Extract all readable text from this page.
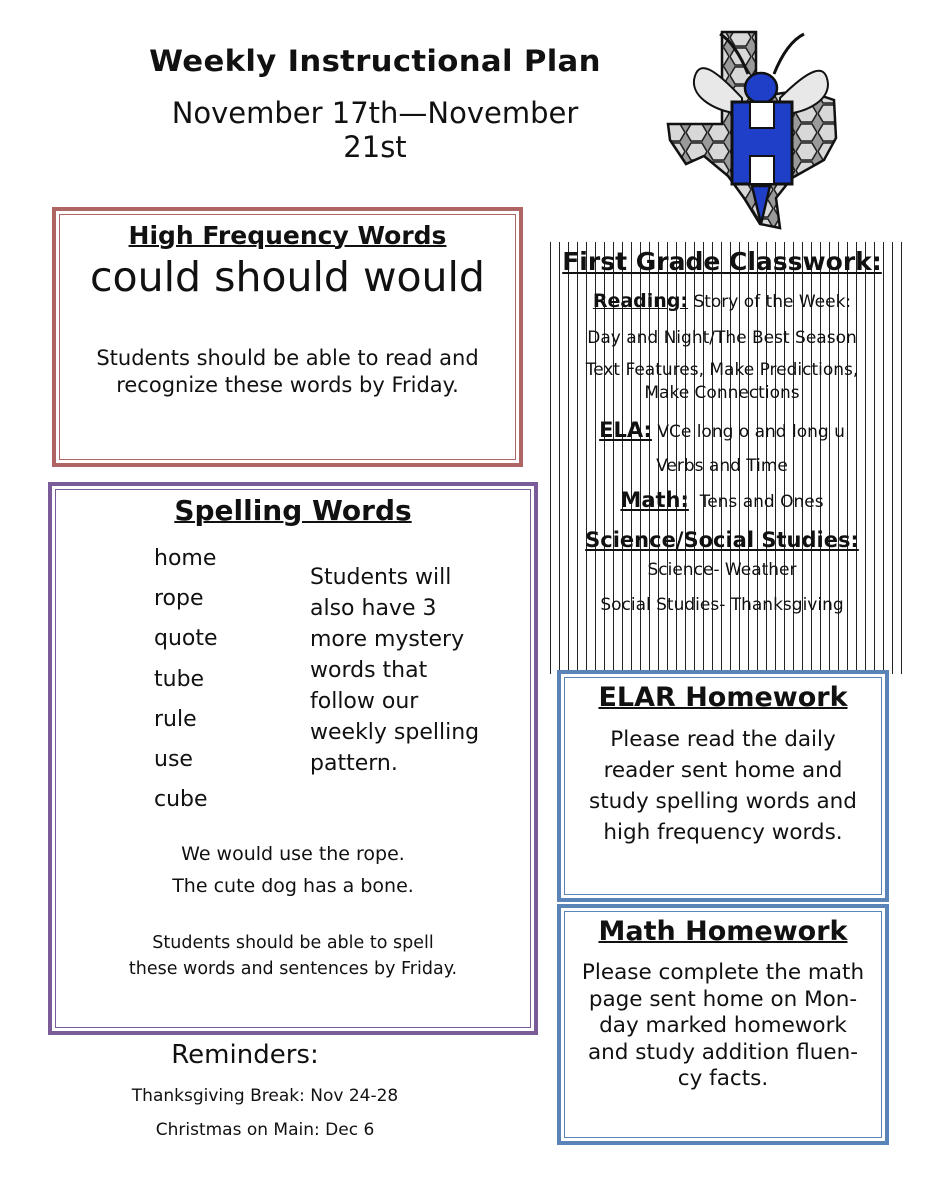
Weekly Instructional Plan
November 17th—November 21st
High Frequency Words
could should would
Students should be able to read and
recognize these words by Friday.
Spelling Words
home
rope
quote
tube
rule
use
cube
Students will
also have 3
more mystery
words that
follow our
weekly spelling
pattern.
We would use the rope.
The cute dog has a bone.
Students should be able to spell
these words and sentences by Friday.
Reminders:
Thanksgiving Break: Nov 24-28
Christmas on Main: Dec 6
First Grade Classwork:
Reading: Story of the Week:
Day and Night/The Best Season
Text Features, Make Predictions,
Make Connections
ELA: VCe long o and long u
Verbs and Time
Math: Tens and Ones
Science/Social Studies:
Science- Weather
Social Studies- Thanksgiving
ELAR Homework
Please read the daily
reader sent home and
study spelling words and
high frequency words.
Math Homework
Please complete the math
page sent home on Mon-
day marked homework
and study addition fluen-
cy facts.
